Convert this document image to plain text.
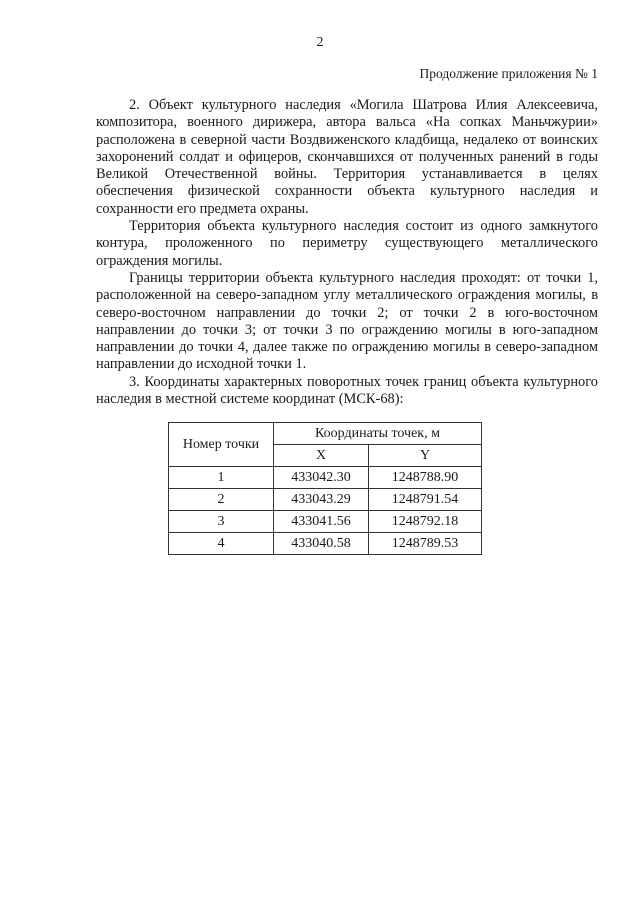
2
Продолжение приложения № 1

2. Объект культурного наследия «Могила Шатрова Илия Алексеевича, композитора, военного дирижера, автора вальса «На сопках Маньчжурии» расположена в северной части Воздвиженского кладбища, недалеко от воинских захоронений солдат и офицеров, скончавшихся от полученных ранений в годы Великой Отечественной войны. Территория устанавливается в целях обеспечения физической сохранности объекта культурного наследия и сохранности его предмета охраны.

Территория объекта культурного наследия состоит из одного замкнутого контура, проложенного по периметру существующего металлического ограждения могилы.

Границы территории объекта культурного наследия проходят: от точки 1, расположенной на северо-западном углу металлического ограждения могилы, в северо-восточном направлении до точки 2; от точки 2 в юго-восточном направлении до точки 3; от точки 3 по ограждению могилы в юго-западном направлении до точки 4, далее также по ограждению могилы в северо-западном направлении до исходной точки 1.

3. Координаты характерных поворотных точек границ объекта культурного наследия в местной системе координат (МСК-68):

Номер точки	Координаты точек, м	
	X	Y
1	433042.30	1248788.90
2	433043.29	1248791.54
3	433041.56	1248792.18
4	433040.58	1248789.53
